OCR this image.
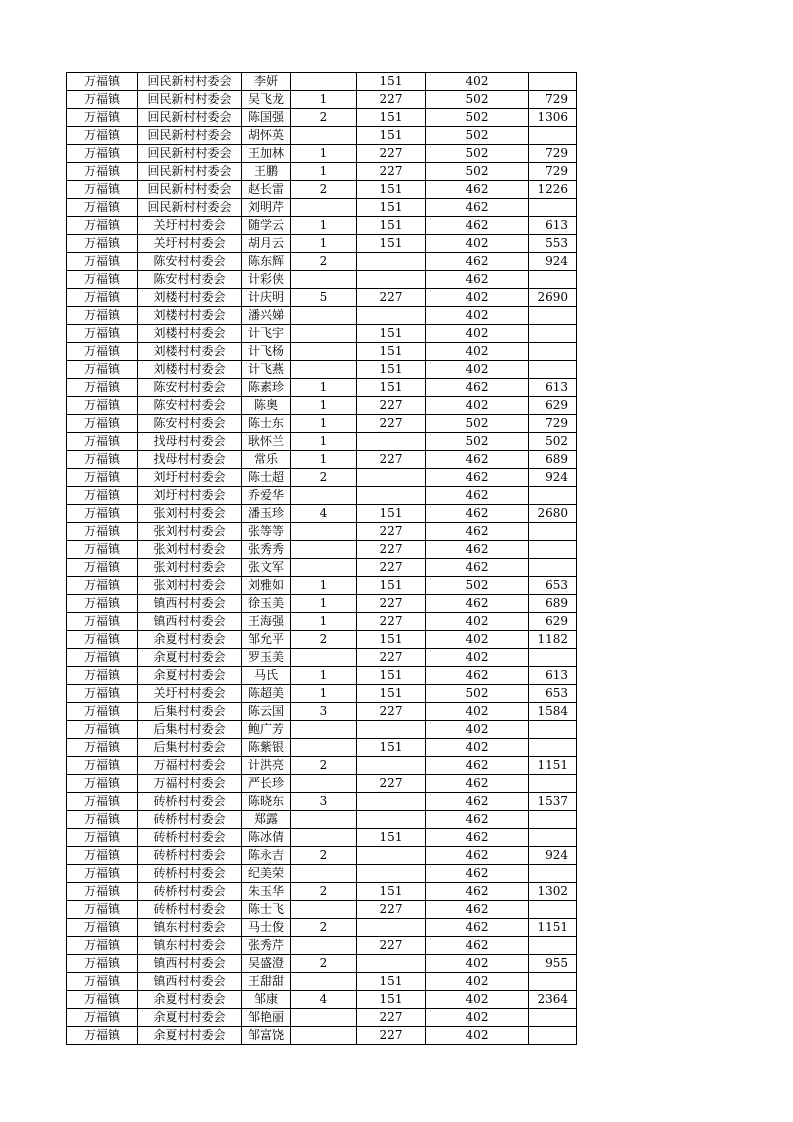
万福镇	回民新村村委会	李妍		151	402	
万福镇	回民新村村委会	吴飞龙	1	227	502	729
万福镇	回民新村村委会	陈国强	2	151	502	1306
万福镇	回民新村村委会	胡怀英		151	502	
万福镇	回民新村村委会	王加林	1	227	502	729
万福镇	回民新村村委会	王鹏	1	227	502	729
万福镇	回民新村村委会	赵长雷	2	151	462	1226
万福镇	回民新村村委会	刘明芹		151	462	
万福镇	关圩村村委会	随学云	1	151	462	613
万福镇	关圩村村委会	胡月云	1	151	402	553
万福镇	陈安村村委会	陈东辉	2		462	924
万福镇	陈安村村委会	计彩侠			462	
万福镇	刘楼村村委会	计庆明	5	227	402	2690
万福镇	刘楼村村委会	潘兴娣			402	
万福镇	刘楼村村委会	计飞宇		151	402	
万福镇	刘楼村村委会	计飞杨		151	402	
万福镇	刘楼村村委会	计飞燕		151	402	
万福镇	陈安村村委会	陈素珍	1	151	462	613
万福镇	陈安村村委会	陈奥	1	227	402	629
万福镇	陈安村村委会	陈士东	1	227	502	729
万福镇	找母村村委会	耿怀兰	1		502	502
万福镇	找母村村委会	常乐	1	227	462	689
万福镇	刘圩村村委会	陈士超	2		462	924
万福镇	刘圩村村委会	乔爱华			462	
万福镇	张刘村村委会	潘玉珍	4	151	462	2680
万福镇	张刘村村委会	张等等		227	462	
万福镇	张刘村村委会	张秀秀		227	462	
万福镇	张刘村村委会	张文军		227	462	
万福镇	张刘村村委会	刘雅如	1	151	502	653
万福镇	镇西村村委会	徐玉美	1	227	462	689
万福镇	镇西村村委会	王海强	1	227	402	629
万福镇	余夏村村委会	邹允平	2	151	402	1182
万福镇	余夏村村委会	罗玉美		227	402	
万福镇	余夏村村委会	马氏	1	151	462	613
万福镇	关圩村村委会	陈超美	1	151	502	653
万福镇	后集村村委会	陈云国	3	227	402	1584
万福镇	后集村村委会	鲍广芳			402	
万福镇	后集村村委会	陈紫银		151	402	
万福镇	万福村村委会	计洪亮	2		462	1151
万福镇	万福村村委会	严长珍		227	462	
万福镇	砖桥村村委会	陈晓东	3		462	1537
万福镇	砖桥村村委会	郑露			462	
万福镇	砖桥村村委会	陈冰倩		151	462	
万福镇	砖桥村村委会	陈永吉	2		462	924
万福镇	砖桥村村委会	纪美荣			462	
万福镇	砖桥村村委会	朱玉华	2	151	462	1302
万福镇	砖桥村村委会	陈士飞		227	462	
万福镇	镇东村村委会	马士俊	2		462	1151
万福镇	镇东村村委会	张秀芹		227	462	
万福镇	镇西村村委会	吴盛澄	2		402	955
万福镇	镇西村村委会	王甜甜		151	402	
万福镇	余夏村村委会	邹康	4	151	402	2364
万福镇	余夏村村委会	邹艳丽		227	402	
万福镇	余夏村村委会	邹富饶		227	402	
